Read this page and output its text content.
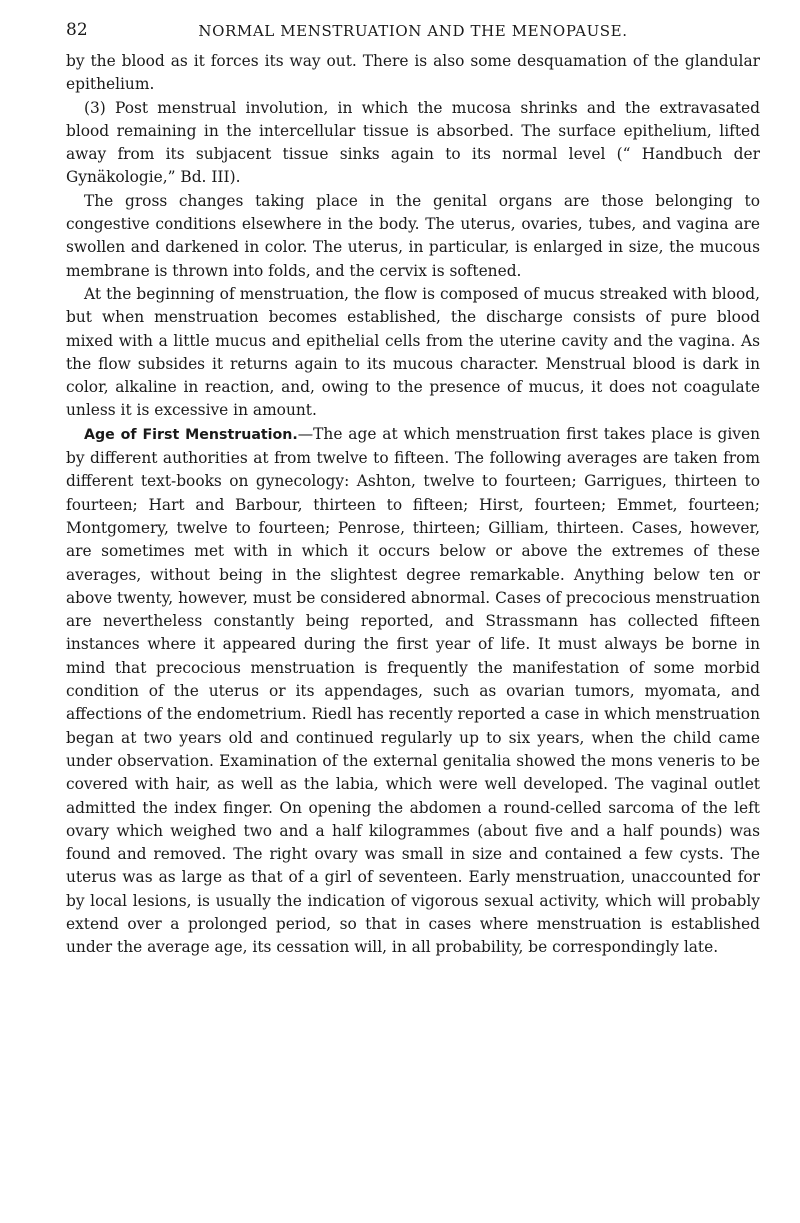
82	NORMAL MENSTRUATION AND THE MENOPAUSE.

by the blood as it forces its way out. There is also some desquamation of the glandular epithelium.

(3) Post menstrual involution, in which the mucosa shrinks and the extravasated blood remaining in the intercellular tissue is absorbed. The surface epithelium, lifted away from its subjacent tissue sinks again to its normal level (“ Handbuch der Gynäkologie,” Bd. III).

The gross changes taking place in the genital organs are those belonging to congestive conditions elsewhere in the body. The uterus, ovaries, tubes, and vagina are swollen and darkened in color. The uterus, in particular, is enlarged in size, the mucous membrane is thrown into folds, and the cervix is softened.

At the beginning of menstruation, the flow is composed of mucus streaked with blood, but when menstruation becomes established, the discharge consists of pure blood mixed with a little mucus and epithelial cells from the uterine cavity and the vagina. As the flow subsides it returns again to its mucous character. Menstrual blood is dark in color, alkaline in reaction, and, owing to the presence of mucus, it does not coagulate unless it is excessive in amount.

Age of First Menstruation.—The age at which menstruation first takes place is given by different authorities at from twelve to fifteen. The following averages are taken from different text-books on gynecology: Ashton, twelve to fourteen; Garrigues, thirteen to fourteen; Hart and Barbour, thirteen to fifteen; Hirst, fourteen; Emmet, fourteen; Montgomery, twelve to fourteen; Penrose, thirteen; Gilliam, thirteen. Cases, however, are sometimes met with in which it occurs below or above the extremes of these averages, without being in the slightest degree remarkable. Anything below ten or above twenty, however, must be considered abnormal. Cases of precocious menstruation are nevertheless constantly being reported, and Strassmann has collected fifteen instances where it appeared during the first year of life. It must always be borne in mind that precocious menstruation is frequently the manifestation of some morbid condition of the uterus or its appendages, such as ovarian tumors, myomata, and affections of the endometrium. Riedl has recently reported a case in which menstruation began at two years old and continued regularly up to six years, when the child came under observation. Examination of the external genitalia showed the mons veneris to be covered with hair, as well as the labia, which were well developed. The vaginal outlet admitted the index finger. On opening the abdomen a round-celled sarcoma of the left ovary which weighed two and a half kilogrammes (about five and a half pounds) was found and removed. The right ovary was small in size and contained a few cysts. The uterus was as large as that of a girl of seventeen. Early menstruation, unaccounted for by local lesions, is usually the indication of vigorous sexual activity, which will probably extend over a prolonged period, so that in cases where menstruation is established under the average age, its cessation will, in all probability, be correspondingly late.
